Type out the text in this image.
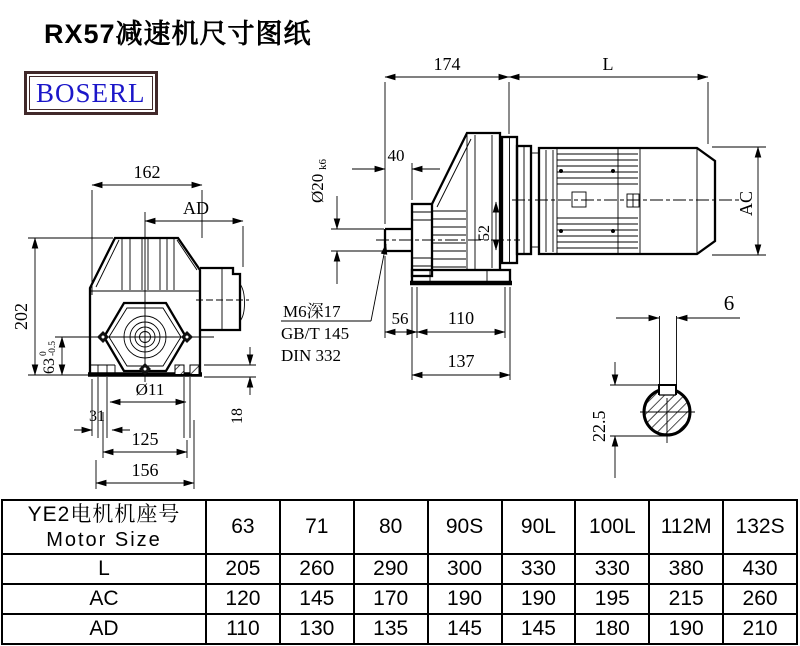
RX57减速机尺寸图纸
BOSERL
162
AD
202
63
0 -0.5
31
Ø11
125
156
18
174	L
40
Ø20
k6
52
M6深17
GB/T 145
DIN 332
56 110
137
AC
6
22.5
YE2电机机座号
Motor Size	63	71	80	90S	90L	100L	112M	132S
L	205	260	290	300	330	330	380	430
AC	120	145	170	190	190	195	215	260
AD	110	130	135	145	145	180	190	210
